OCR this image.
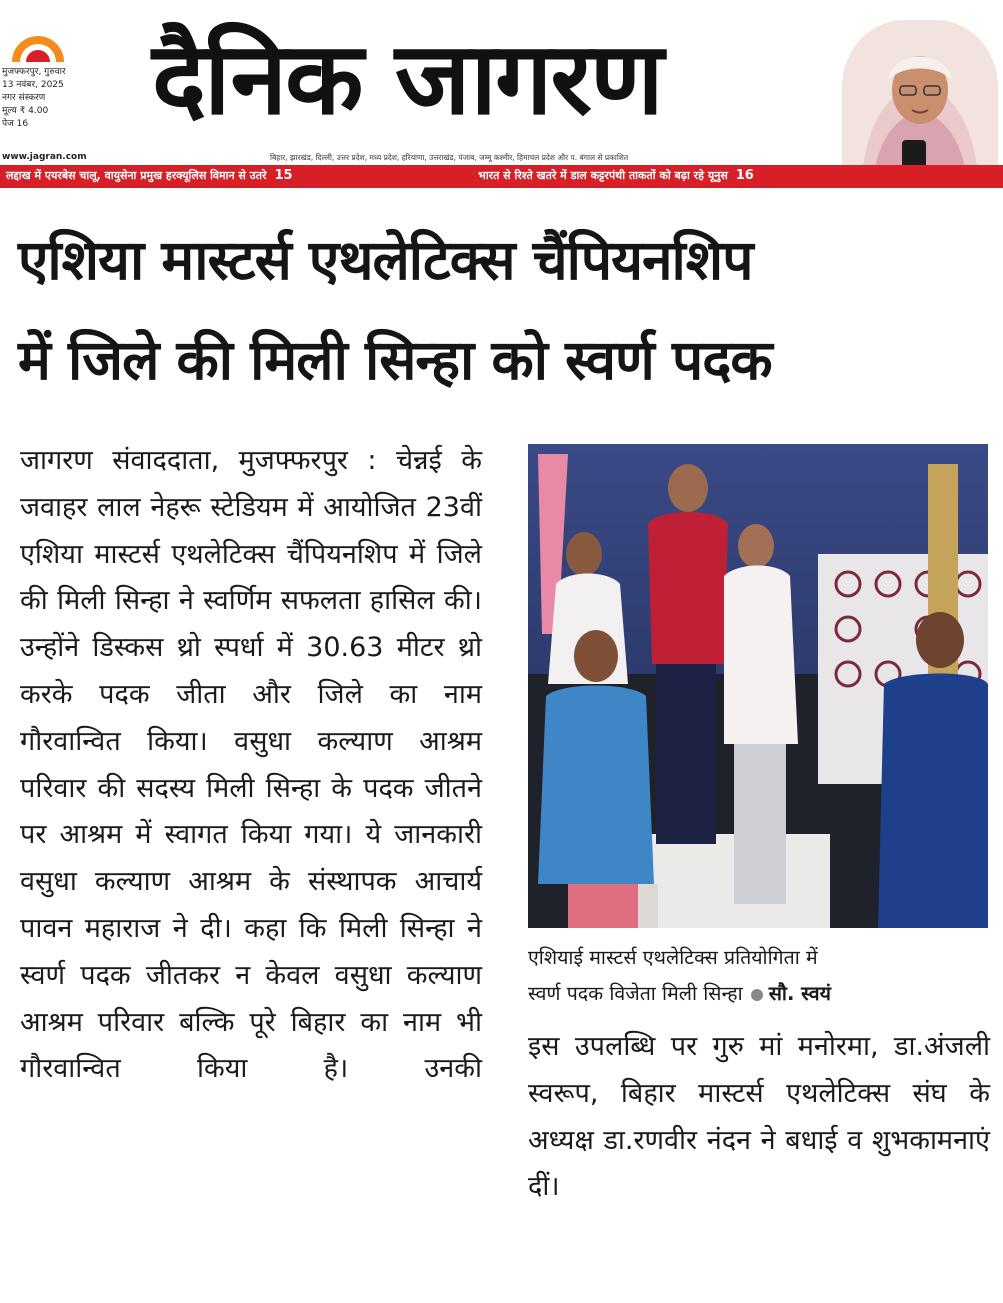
मुजफ्फरपुर, गुरुवार
13 नवंबर, 2025
नगर संस्करण
मूल्य ₹ 4.00
पेज 16
www.jagran.com
दैनिक जागरण
बिहार, झारखंड, दिल्ली, उत्तर प्रदेश, मध्य प्रदेश, हरियाणा, उत्तराखंड, पंजाब, जम्मू कश्मीर, हिमाचल प्रदेश और प. बंगाल से प्रकाशित
लद्दाख में एयरबेस चालू, वायुसेना प्रमुख हरक्यूलिस विमान से उतरे 15	भारत से रिश्ते खतरे में डाल कट्टरपंथी ताकतों को बढ़ा रहे यूनुस 16
एशिया मास्टर्स एथलेटिक्स चैंपियनशिप
में जिले की मिली सिन्हा को स्वर्ण पदक

जागरण संवाददाता, मुजफ्फरपुर : चेन्नई के जवाहर लाल नेहरू स्टेडियम में आयोजित 23वीं एशिया मास्टर्स एथलेटिक्स चैंपियनशिप में जिले की मिली सिन्हा ने स्वर्णिम सफलता हासिल की। उन्होंने डिस्कस थ्रो स्पर्धा में 30.63 मीटर थ्रो करके पदक जीता और जिले का नाम गौरवान्वित किया। वसुधा कल्याण आश्रम परिवार की सदस्य मिली सिन्हा के पदक जीतने पर आश्रम में स्वागत किया गया। ये जानकारी वसुधा कल्याण आश्रम के संस्थापक आचार्य पावन महाराज ने दी। कहा कि मिली सिन्हा ने स्वर्ण पदक जीतकर न केवल वसुधा कल्याण आश्रम परिवार बल्कि पूरे बिहार का नाम भी गौरवान्वित किया है। उनकी

एशियाई मास्टर्स एथलेटिक्स प्रतियोगिता में
स्वर्ण पदक विजेता मिली सिन्हा सौ. स्वयं

इस उपलब्धि पर गुरु मां मनोरमा, डा.अंजली स्वरूप, बिहार मास्टर्स एथलेटिक्स संघ के अध्यक्ष डा.रणवीर नंदन ने बधाई व शुभकामनाएं दीं।
